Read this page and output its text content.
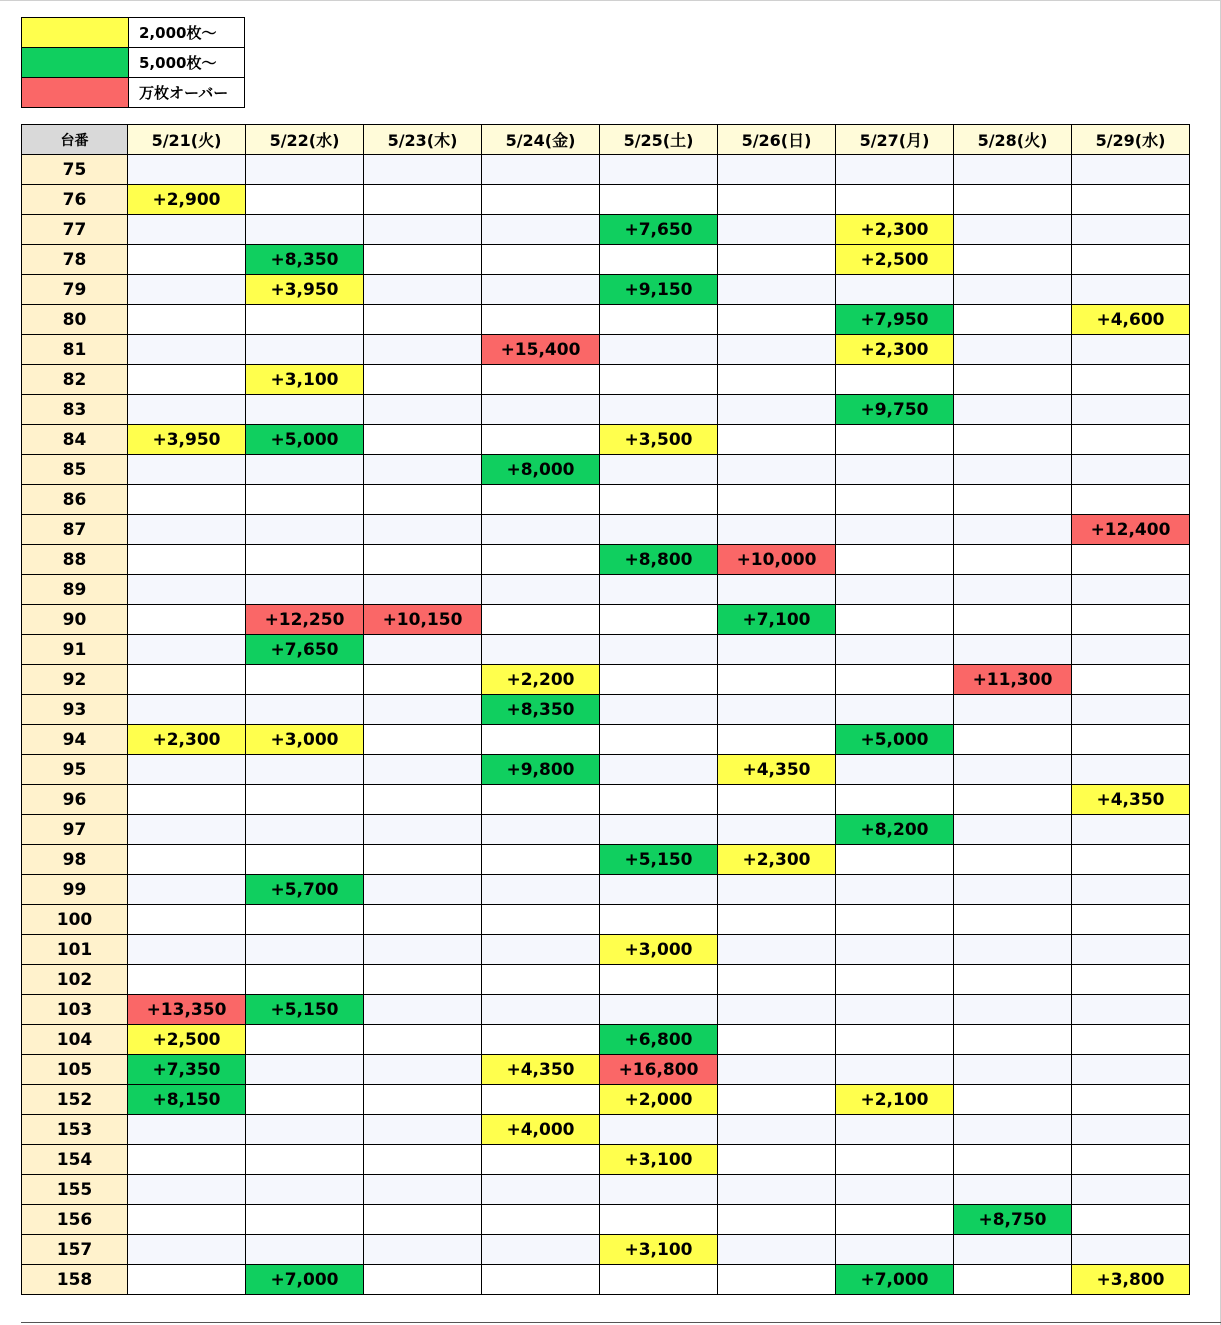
	2,000枚～
	5,000枚～
	万枚オーバー
台番	5/21(火)	5/22(水)	5/23(木)	5/24(金)	5/25(土)	5/26(日)	5/27(月)	5/28(火)	5/29(水)
75									
76	+2,900								
77					+7,650		+2,300		
78		+8,350					+2,500		
79		+3,950			+9,150				
80							+7,950		+4,600
81				+15,400			+2,300		
82		+3,100							
83							+9,750		
84	+3,950	+5,000			+3,500				
85				+8,000					
86									
87									+12,400
88					+8,800	+10,000			
89									
90		+12,250	+10,150			+7,100			
91		+7,650							
92				+2,200				+11,300	
93				+8,350					
94	+2,300	+3,000					+5,000		
95				+9,800		+4,350			
96									+4,350
97							+8,200		
98					+5,150	+2,300			
99		+5,700							
100									
101					+3,000				
102									
103	+13,350	+5,150							
104	+2,500				+6,800				
105	+7,350			+4,350	+16,800				
152	+8,150				+2,000		+2,100		
153				+4,000					
154					+3,100				
155									
156								+8,750	
157					+3,100				
158		+7,000					+7,000		+3,800
